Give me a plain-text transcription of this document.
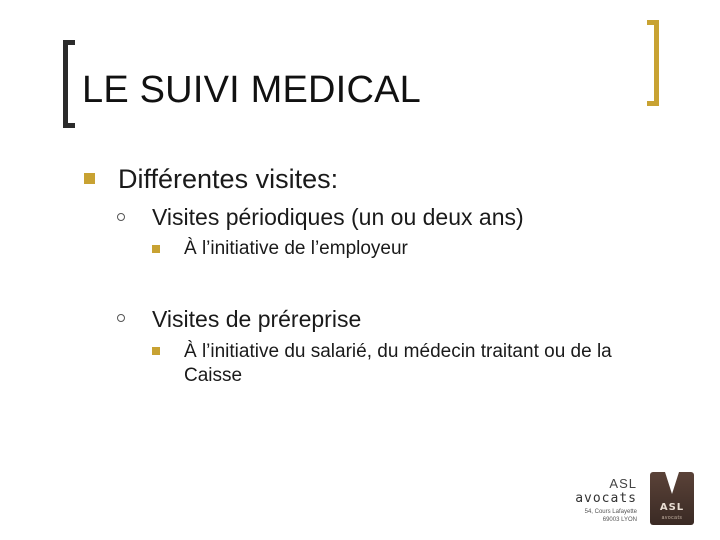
LE SUIVI MEDICAL
Différentes visites:
Visites périodiques (un ou deux ans)
À l’initiative de l’employeur
Visites de préreprise
À l’initiative du salarié, du médecin traitant ou de la Caisse
ASL
avocats
54, Cours Lafayette
69003 LYON
ASL
avocats
